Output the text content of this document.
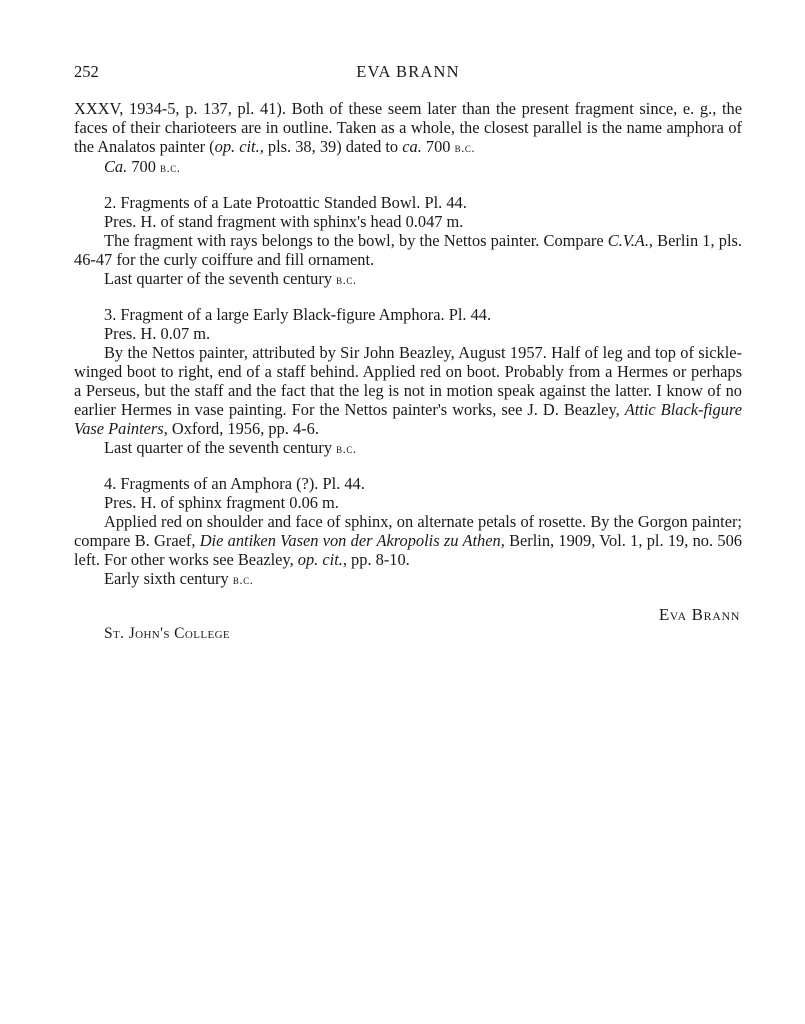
252	EVA BRANN

XXXV, 1934-5, p. 137, pl. 41). Both of these seem later than the present fragment since, e. g., the faces of their charioteers are in outline. Taken as a whole, the closest parallel is the name amphora of the Analatos painter (op. cit., pls. 38, 39) dated to ca. 700 b.c.

Ca. 700 b.c.

2. Fragments of a Late Protoattic Standed Bowl. Pl. 44.

Pres. H. of stand fragment with sphinx's head 0.047 m.

The fragment with rays belongs to the bowl, by the Nettos painter. Compare C.V.A., Berlin 1, pls. 46-47 for the curly coiffure and fill ornament.

Last quarter of the seventh century b.c.

3. Fragment of a large Early Black-figure Amphora. Pl. 44.

Pres. H. 0.07 m.

By the Nettos painter, attributed by Sir John Beazley, August 1957. Half of leg and top of sickle-winged boot to right, end of a staff behind. Applied red on boot. Probably from a Hermes or perhaps a Perseus, but the staff and the fact that the leg is not in motion speak against the latter. I know of no earlier Hermes in vase painting. For the Nettos painter's works, see J. D. Beazley, Attic Black-figure Vase Painters, Oxford, 1956, pp. 4-6.

Last quarter of the seventh century b.c.

4. Fragments of an Amphora (?). Pl. 44.

Pres. H. of sphinx fragment 0.06 m.

Applied red on shoulder and face of sphinx, on alternate petals of rosette. By the Gorgon painter; compare B. Graef, Die antiken Vasen von der Akropolis zu Athen, Berlin, 1909, Vol. 1, pl. 19, no. 506 left. For other works see Beazley, op. cit., pp. 8-10.

Early sixth century b.c.

Eva Brann

St. John's College
